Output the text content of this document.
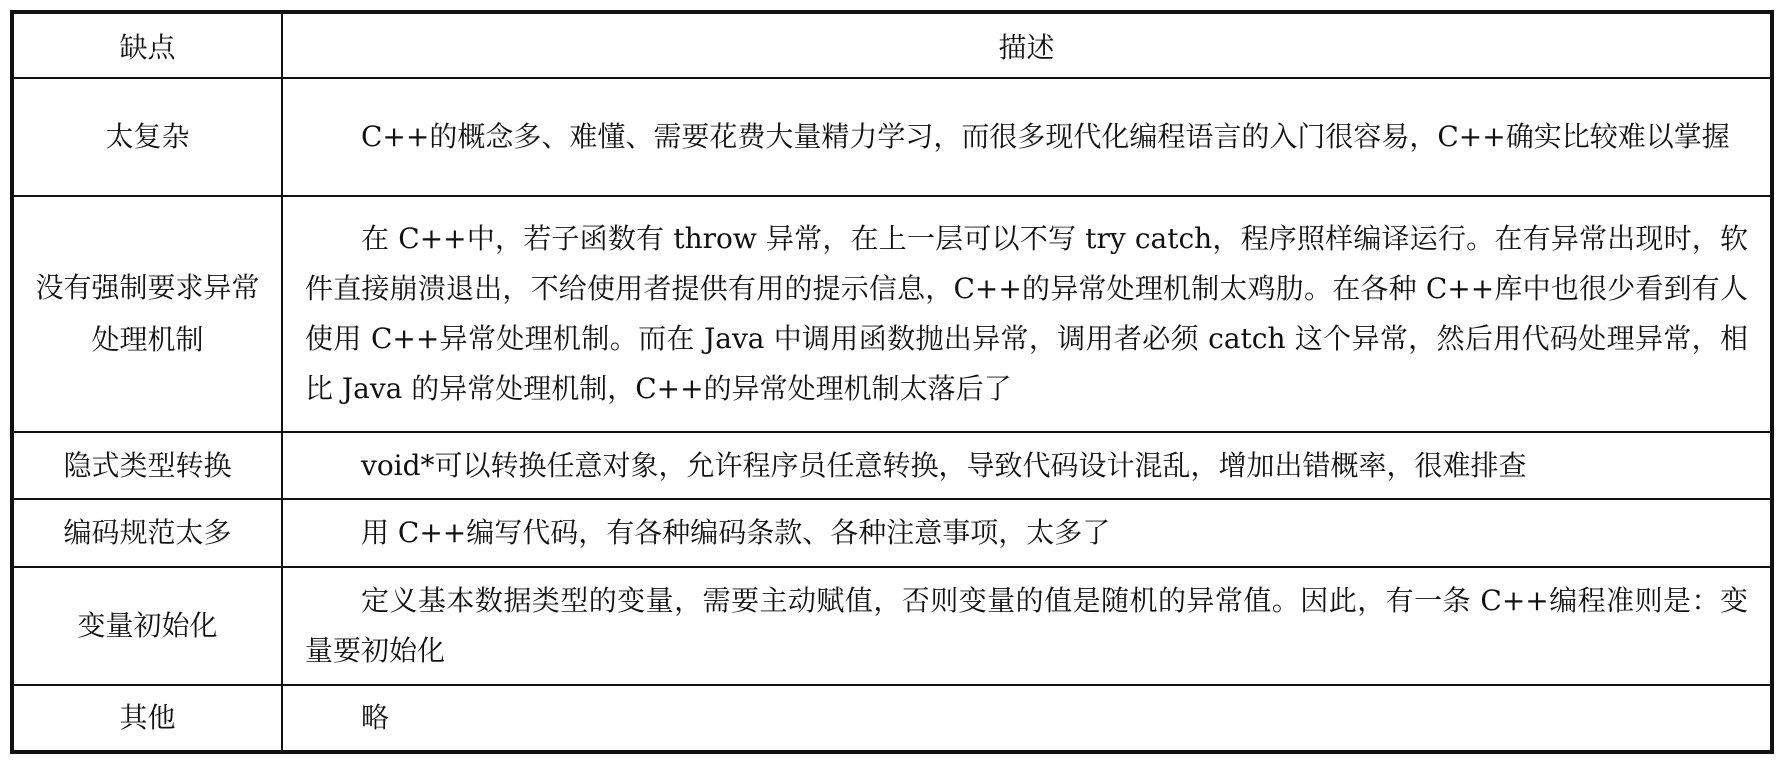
缺点	描述
太复杂	C++的概念多、难懂、需要花费大量精力学习，而很多现代化编程语言的入门很容易，C++确实比较难以掌握
没有强制要求异常处理机制	在 C++中，若子函数有 throw 异常，在上一层可以不写 try catch，程序照样编译运行。在有异常出现时，软件直接崩溃退出，不给使用者提供有用的提示信息，C++的异常处理机制太鸡肋。在各种 C++库中也很少看到有人使用 C++异常处理机制。而在 Java 中调用函数抛出异常，调用者必须 catch 这个异常，然后用代码处理异常，相比 Java 的异常处理机制，C++的异常处理机制太落后了
隐式类型转换	void*可以转换任意对象，允许程序员任意转换，导致代码设计混乱，增加出错概率，很难排查
编码规范太多	用 C++编写代码，有各种编码条款、各种注意事项，太多了
变量初始化	定义基本数据类型的变量，需要主动赋值，否则变量的值是随机的异常值。因此，有一条 C++编程准则是：变量要初始化
其他	略
